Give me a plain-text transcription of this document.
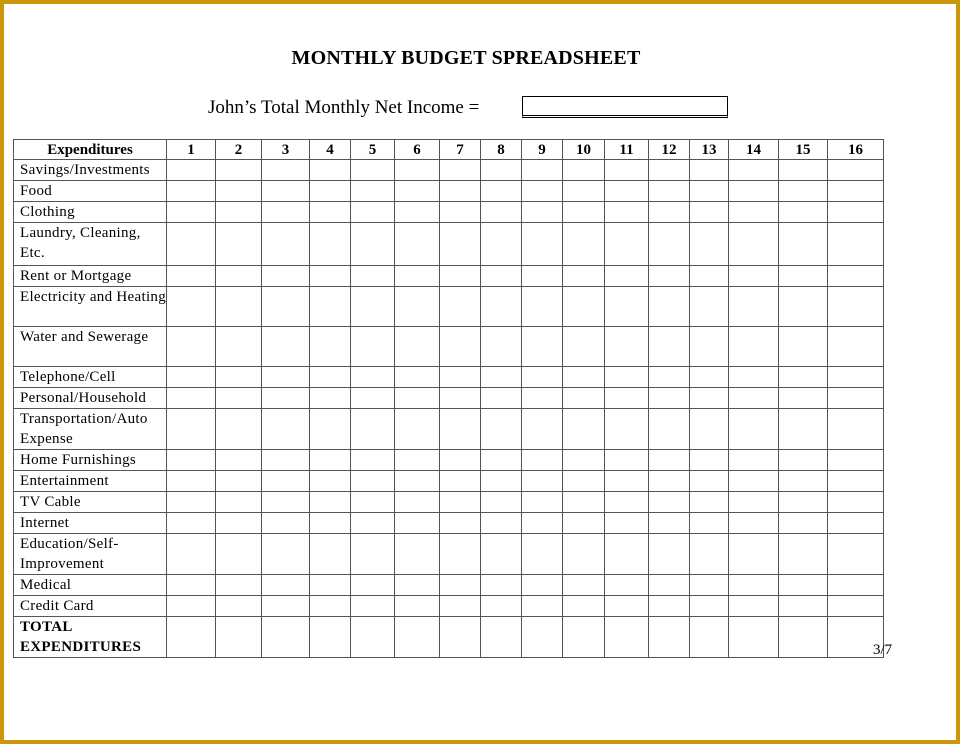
MONTHLY BUDGET SPREADSHEET
John’s Total Monthly Net Income =
Expenditures	1	2	3	4	5	6	7	8	9	10	11	12	13	14	15	16
Savings/Investments																
Food																
Clothing																
Laundry, Cleaning, Etc.																
Rent or Mortgage																
Electricity and Heating																
Water and Sewerage																
Telephone/Cell																
Personal/Household																
Transportation/Auto Expense																
Home Furnishings																
Entertainment																
TV Cable																
Internet																
Education/Self-Improvement																
Medical																
Credit Card																
TOTAL EXPENDITURES																	3/7
